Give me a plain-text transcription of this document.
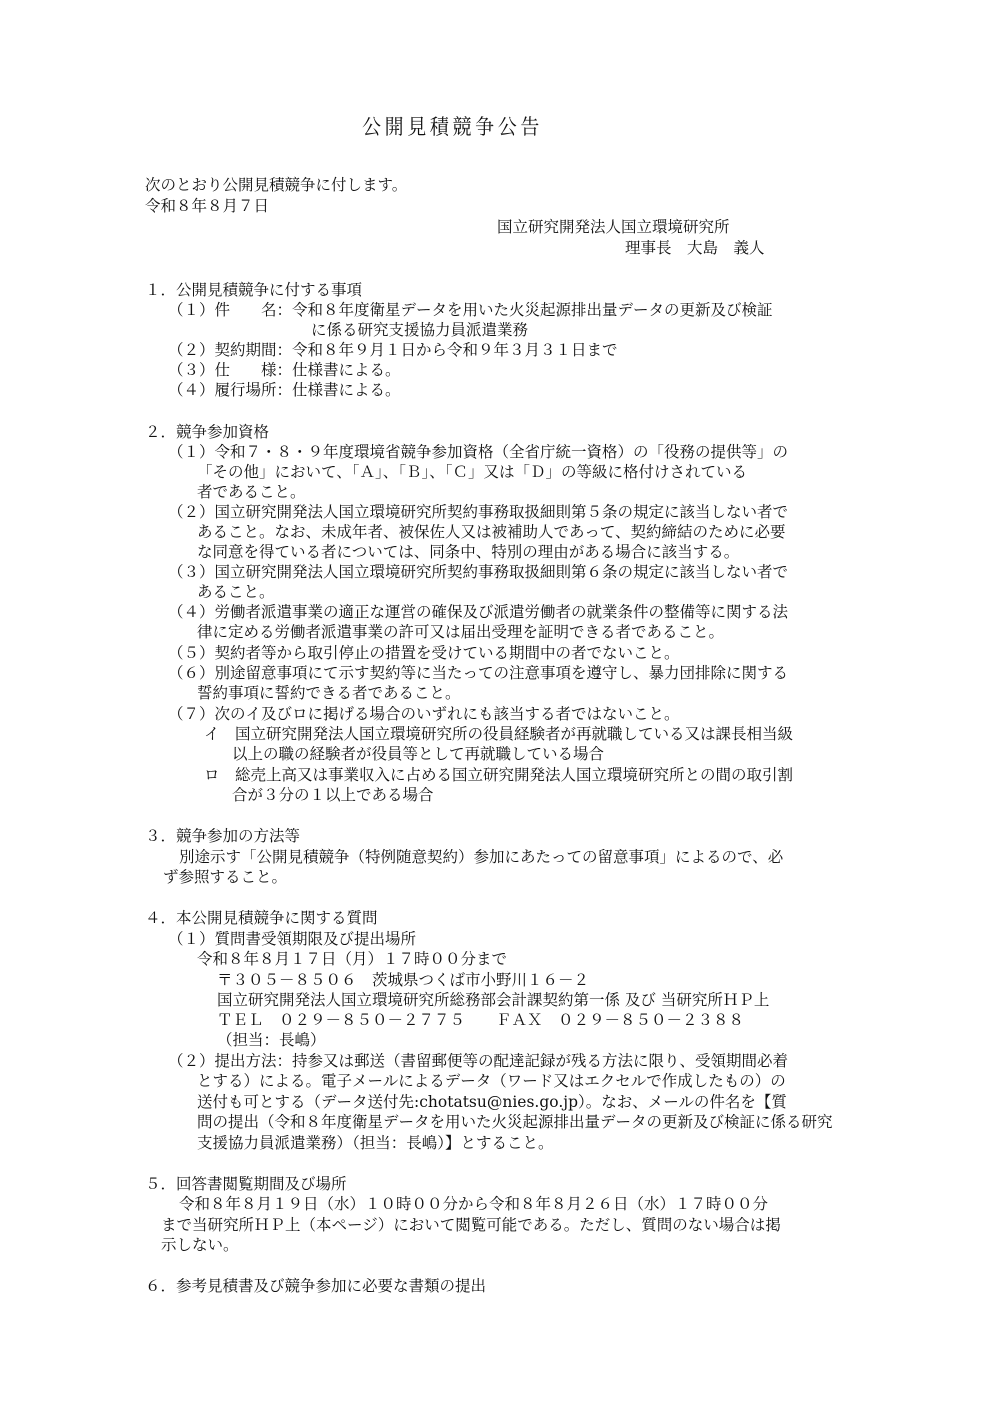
公開見積競争公告
次のとおり公開見積競争に付します。
令和８年８月７日
国立研究開発法人国立環境研究所
理事長　大島　義人
１．公開見積競争に付する事項
（１）件　　名：令和８年度衛星データを用いた火災起源排出量データの更新及び検証
に係る研究支援協力員派遣業務
（２）契約期間：令和８年９月１日から令和９年３月３１日まで
（３）仕　　様：仕様書による。
（４）履行場所：仕様書による。
２．競争参加資格
（１）令和７・８・９年度環境省競争参加資格（全省庁統一資格）の「役務の提供等」の
「その他」において、「Ａ」、「Ｂ」、「Ｃ」又は「Ｄ」の等級に格付けされている
者であること。
（２）国立研究開発法人国立環境研究所契約事務取扱細則第５条の規定に該当しない者で
あること。なお、未成年者、被保佐人又は被補助人であって、契約締結のために必要
な同意を得ている者については、同条中、特別の理由がある場合に該当する。
（３）国立研究開発法人国立環境研究所契約事務取扱細則第６条の規定に該当しない者で
あること。
（４）労働者派遣事業の適正な運営の確保及び派遣労働者の就業条件の整備等に関する法
律に定める労働者派遣事業の許可又は届出受理を証明できる者であること。
（５）契約者等から取引停止の措置を受けている期間中の者でないこと。
（６）別途留意事項にて示す契約等に当たっての注意事項を遵守し、暴力団排除に関する
誓約事項に誓約できる者であること。
（７）次のイ及びロに掲げる場合のいずれにも該当する者ではないこと。
イ　国立研究開発法人国立環境研究所の役員経験者が再就職している又は課長相当級
以上の職の経験者が役員等として再就職している場合
ロ　総売上高又は事業収入に占める国立研究開発法人国立環境研究所との間の取引割
合が３分の１以上である場合
３．競争参加の方法等
別途示す「公開見積競争（特例随意契約）参加にあたっての留意事項」によるので、必
ず参照すること。
４．本公開見積競争に関する質問
（１）質問書受領期限及び提出場所
令和８年８月１７日（月）１７時００分まで
〒３０５－８５０６　茨城県つくば市小野川１６－２
国立研究開発法人国立環境研究所総務部会計課契約第一係 及び 当研究所ＨＰ上
ＴＥＬ　０２９－８５０－２７７５　　ＦＡＸ　０２９－８５０－２３８８
（担当：長嶋）
（２）提出方法：持参又は郵送（書留郵便等の配達記録が残る方法に限り、受領期間必着
とする）による。電子メールによるデータ（ワード又はエクセルで作成したもの）の
送付も可とする（データ送付先:chotatsu@nies.go.jp）。なお、メールの件名を【質
問の提出（令和８年度衛星データを用いた火災起源排出量データの更新及び検証に係る研究
支援協力員派遣業務）（担当：長嶋）】とすること。
５．回答書閲覧期間及び場所
令和８年８月１９日（水）１０時００分から令和８年８月２６日（水）１７時００分
まで当研究所ＨＰ上（本ページ）において閲覧可能である。ただし、質問のない場合は掲
示しない。
６．参考見積書及び競争参加に必要な書類の提出
